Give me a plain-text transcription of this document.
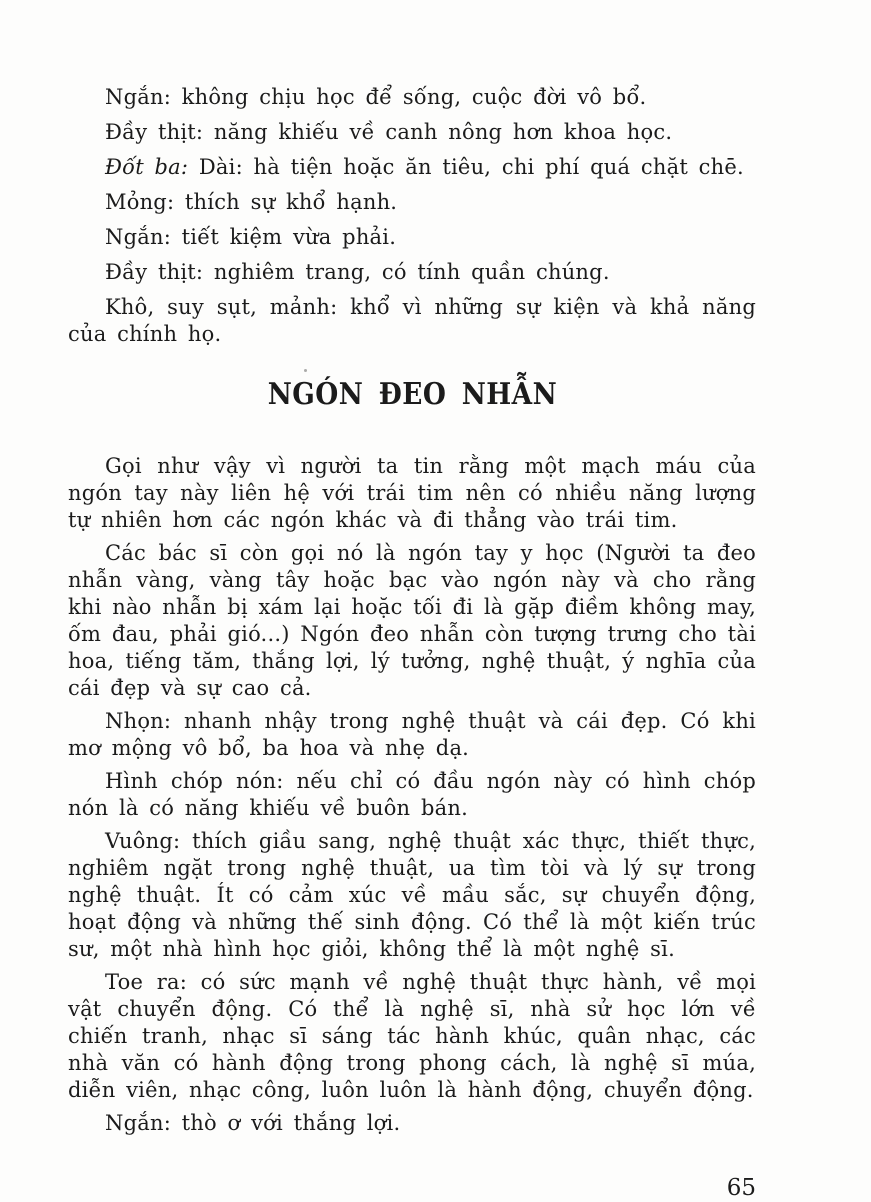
Ngắn: không chịu học để sống, cuộc đời vô bổ.

Đầy thịt: năng khiếu về canh nông hơn khoa học.

Đốt ba: Dài: hà tiện hoặc ăn tiêu, chi phí quá chặt chē.

Mỏng: thích sự khổ hạnh.

Ngắn: tiết kiệm vừa phải.

Đầy thịt: nghiêm trang, có tính quần chúng.

Khô, suy sụt, mảnh: khổ vì những sự kiện và khả năng của chính họ.

NGÓN ĐEO NHẪN

Gọi như vậy vì người ta tin rằng một mạch máu của ngón tay này liên hệ với trái tim nên có nhiều năng lượng tự nhiên hơn các ngón khác và đi thẳng vào trái tim.

Các bác sī còn gọi nó là ngón tay y học (Người ta đeo nhẫn vàng, vàng tây hoặc bạc vào ngón này và cho rằng khi nào nhẫn bị xám lại hoặc tối đi là gặp điềm không may, ốm đau, phải gió...) Ngón đeo nhẫn còn tượng trưng cho tài hoa, tiếng tăm, thắng lợi, lý tưởng, nghệ thuật, ý nghīa của cái đẹp và sự cao cả.

Nhọn: nhanh nhậy trong nghệ thuật và cái đẹp. Có khi mơ mộng vô bổ, ba hoa và nhẹ dạ.

Hình chóp nón: nếu chỉ có đầu ngón này có hình chóp nón là có năng khiếu về buôn bán.

Vuông: thích giầu sang, nghệ thuật xác thực, thiết thực, nghiêm ngặt trong nghệ thuật, ua tìm tòi và lý sự trong nghệ thuật. Ít có cảm xúc về mầu sắc, sự chuyển động, hoạt động và những thế sinh động. Có thể là một kiến trúc sư, một nhà hình học giỏi, không thể là một nghệ sī.

Toe ra: có sức mạnh về nghệ thuật thực hành, về mọi vật chuyển động. Có thể là nghệ sī, nhà sử học lớn về chiến tranh, nhạc sī sáng tác hành khúc, quân nhạc, các nhà văn có hành động trong phong cách, là nghệ sī múa, diễn viên, nhạc công, luôn luôn là hành động, chuyển động.

Ngắn: thò ơ với thắng lợi.

65
